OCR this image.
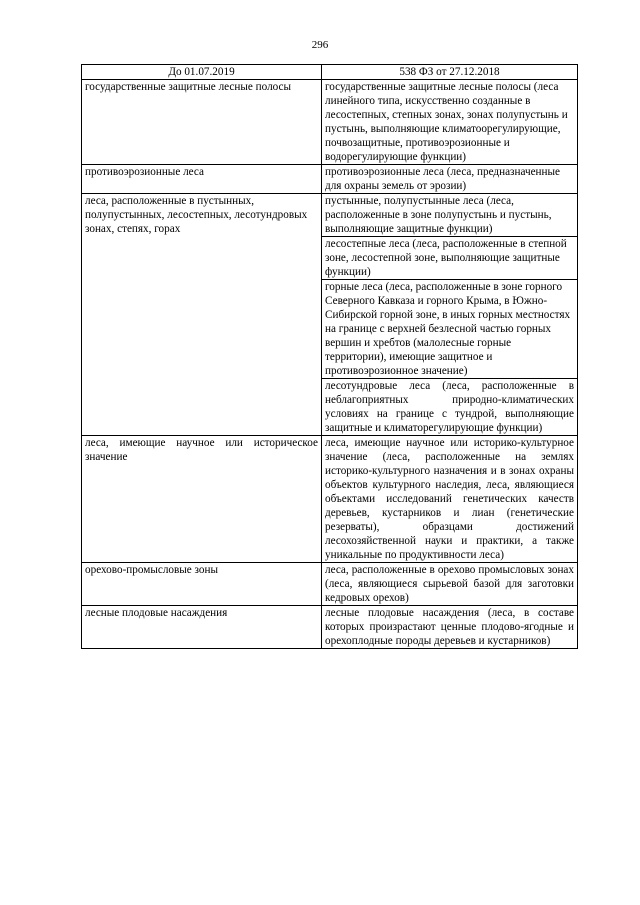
296
До 01.07.2019	538 ФЗ от 27.12.2018
государственные защитные лесные полосы	государственные защитные лесные полосы (леса линейного типа, искусственно созданные в лесостепных, степных зонах, зонах полупустынь и пустынь, выполняющие климатоорегулирующие, почвозащитные, противоэрозионные и водорегулирующие функции)
противоэрозионные леса	противоэрозионные леса (леса, предназначенные для охраны земель от эрозии)
леса, расположенные в пустынных, полупустынных, лесостепных, лесотундровых зонах, степях, горах	пустынные, полупустынные леса (леса, расположенные в зоне полупустынь и пустынь, выполняющие защитные функции)
	лесостепные леса (леса, расположенные в степной зоне, лесостепной зоне, выполняющие защитные функции)
	горные леса (леса, расположенные в зоне горного Северного Кавказа и горного Крыма, в Южно-Сибирской горной зоне, в иных горных местностях на границе с верхней безлесной частью горных вершин и хребтов (малолесные горные территории), имеющие защитное и противоэрозионное значение)
	лесотундровые леса (леса, расположенные в неблагоприятных природно-климатических условиях на границе с тундрой, выполняющие защитные и климаторегулирующие функции)
леса, имеющие научное или историческое значение	леса, имеющие научное или историко-культурное значение (леса, расположенные на землях историко-культурного назначения и в зонах охраны объектов культурного наследия, леса, являющиеся объектами исследований генетических качеств деревьев, кустарников и лиан (генетические резерваты), образцами достижений лесохозяйственной науки и практики, а также уникальные по продуктивности леса)
орехово-промысловые зоны	леса, расположенные в орехово промысловых зонах (леса, являющиеся сырьевой базой для заготовки кедровых орехов)
лесные плодовые насаждения	лесные плодовые насаждения (леса, в составе которых произрастают ценные плодово-ягодные и орехоплодные породы деревьев и кустарников)
